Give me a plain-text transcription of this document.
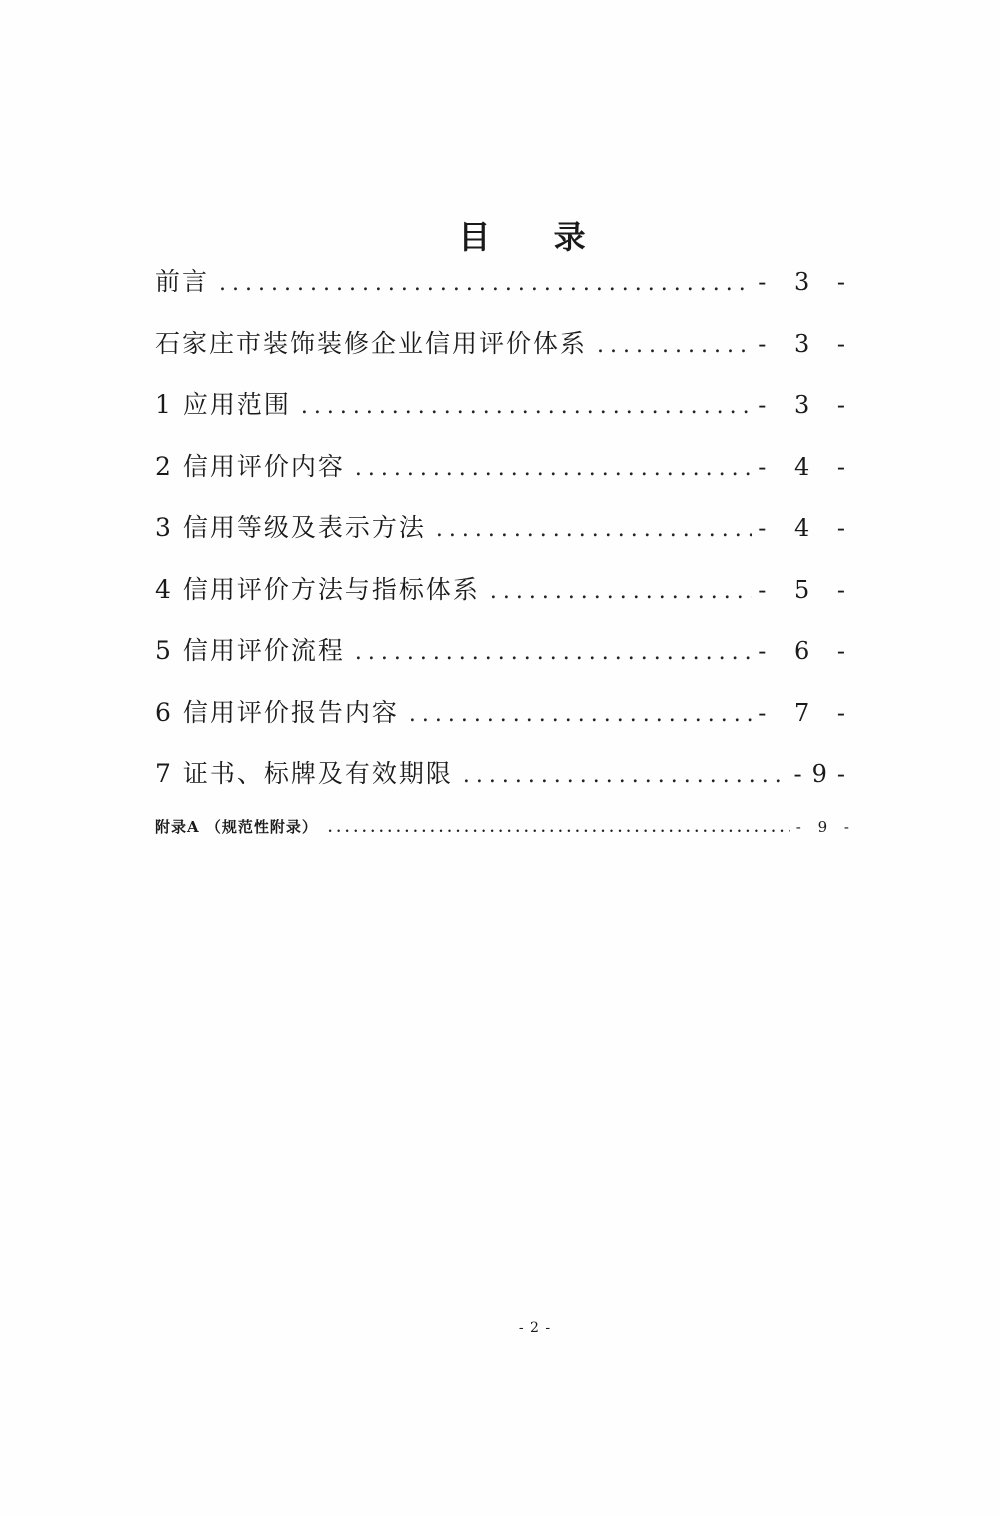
目 录
前言 .....	- 3 -
石家庄市装饰装修企业信用评价体系 .....	- 3 -
1 应用范围 .....	- 3 -
2 信用评价内容 .....	- 4 -
3 信用等级及表示方法 .....	- 4 -
4 信用评价方法与指标体系 .....	- 5 -
5 信用评价流程 .....	- 6 -
6 信用评价报告内容 .....	- 7 -
7 证书、标牌及有效期限 .....	-9-
附录A （规范性附录） .....	- 9 -
- 2 -
